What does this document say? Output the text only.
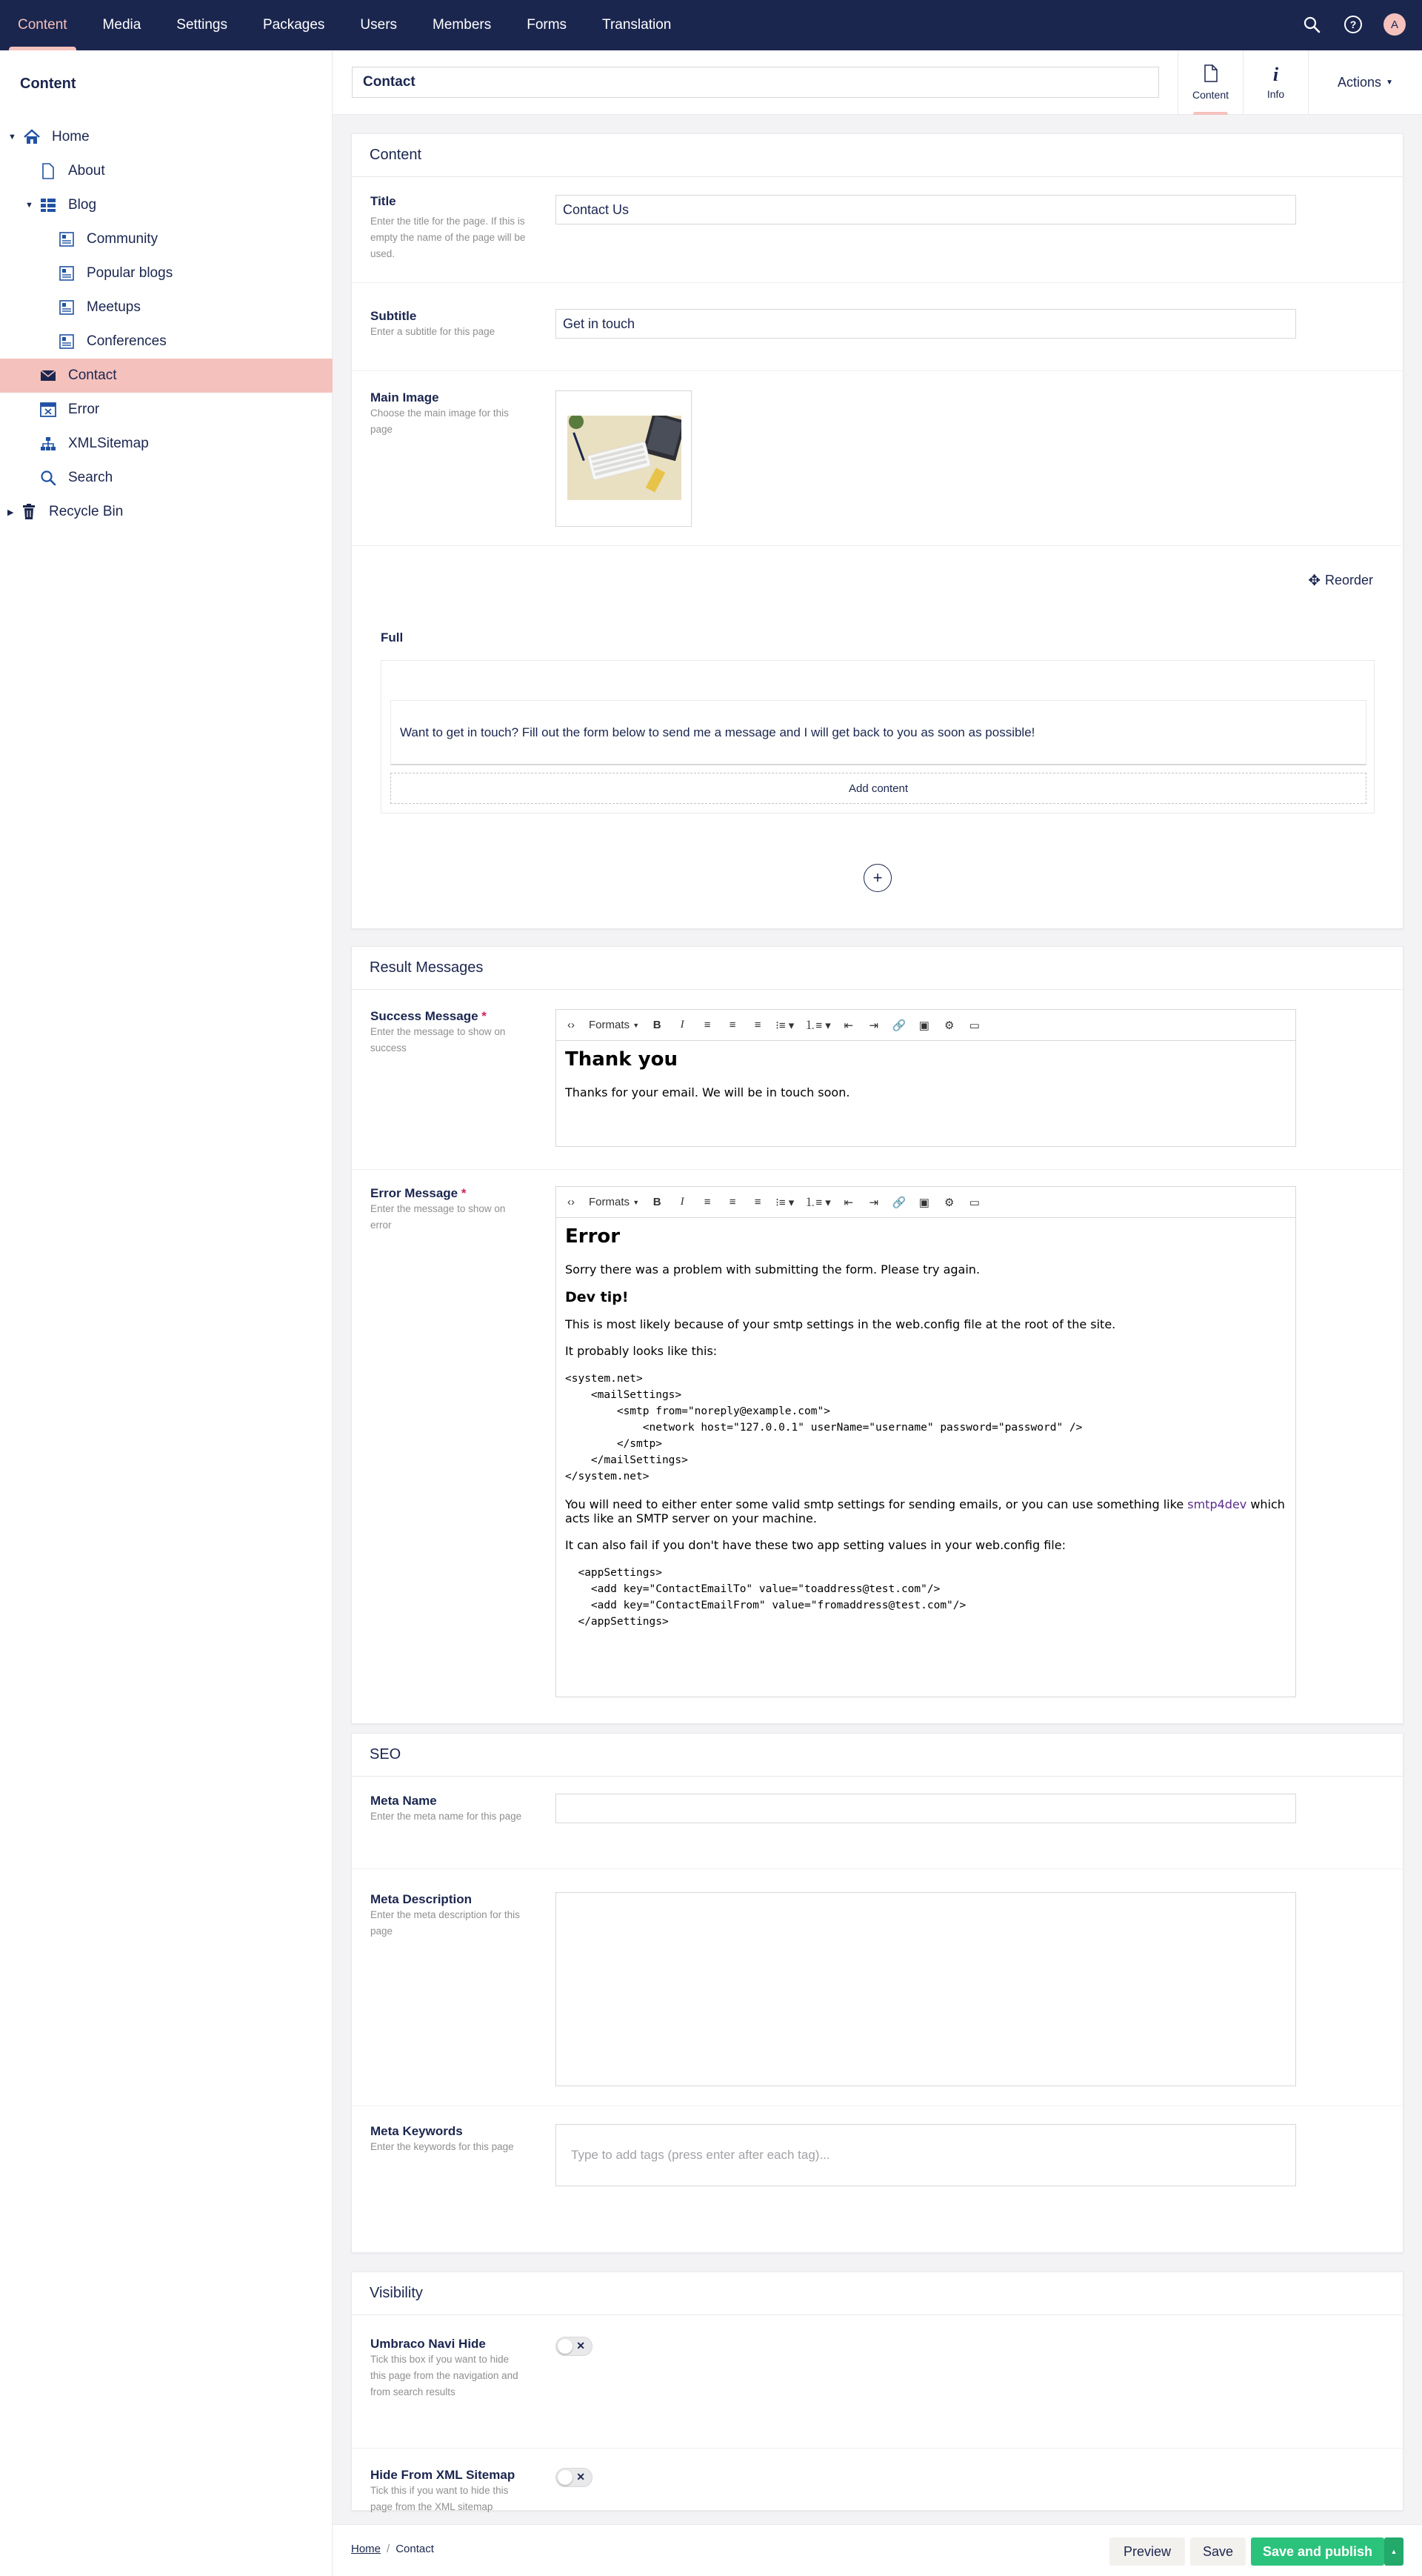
Content	Media	Settings	Packages	Users	Members	Forms	Translation	?	A
Content
▼	Home
About
▼ Blog
Community
Popular blogs
Meetups
Conferences
Contact
Error
XMLSitemap
Search
▶	Recycle Bin
Contact
Content
i
Info
Actions ▼
Content
Title
Enter the title for the page. If this is empty the name of the page will be used.
Contact Us
Subtitle
Enter a subtitle for this page
Get in touch
Main Image
Choose the main image for this page
✥ Reorder
Full
Want to get in touch? Fill out the form below to send me a message and I will get back to you as soon as possible!
Add content
+
Result Messages
Success Message *
Enter the message to show on success
‹›	Formats
▼	B	I	≡	≡	≡	⁝≡ ▾ ⒈≡ ▾ ⇤ ⇥ 🔗 ▣ ⚙ ▭
Thank you

Thanks for your email. We will be in touch soon.

Error Message *
Enter the message to show on error
‹›	Formats
▼	B	I	≡	≡	≡	⁝≡ ▾ ⒈≡ ▾ ⇤ ⇥ 🔗 ▣ ⚙ ▭
Error

Sorry there was a problem with submitting the form. Please try again.

Dev tip!

This is most likely because of your smtp settings in the web.config file at the root of the site.

It probably looks like this:

<system.net>
<mailSettings>
<smtp from="noreply@example.com">
<network host="127.0.0.1" userName="username" password="password" />
</smtp>
</mailSettings>
</system.net>

You will need to either enter some valid smtp settings for sending emails, or you can use something like smtp4dev which acts like an SMTP server on your machine.

It can also fail if you don't have these two app setting values in your web.config file:

<appSettings>
<add key="ContactEmailTo" value="toaddress@test.com"/>
<add key="ContactEmailFrom" value="fromaddress@test.com"/>
</appSettings>
SEO
Meta Name
Enter the meta name for this page
Meta Description
Enter the meta description for this page
Meta Keywords
Enter the keywords for this page
Type to add tags (press enter after each tag)...
Visibility
Umbraco Navi Hide
Tick this box if you want to hide this page from the navigation and from search results
✕
Hide From XML Sitemap
Tick this if you want to hide this page from the XML sitemap
✕
Home / Contact	Preview	Save	Save and publish	▲
